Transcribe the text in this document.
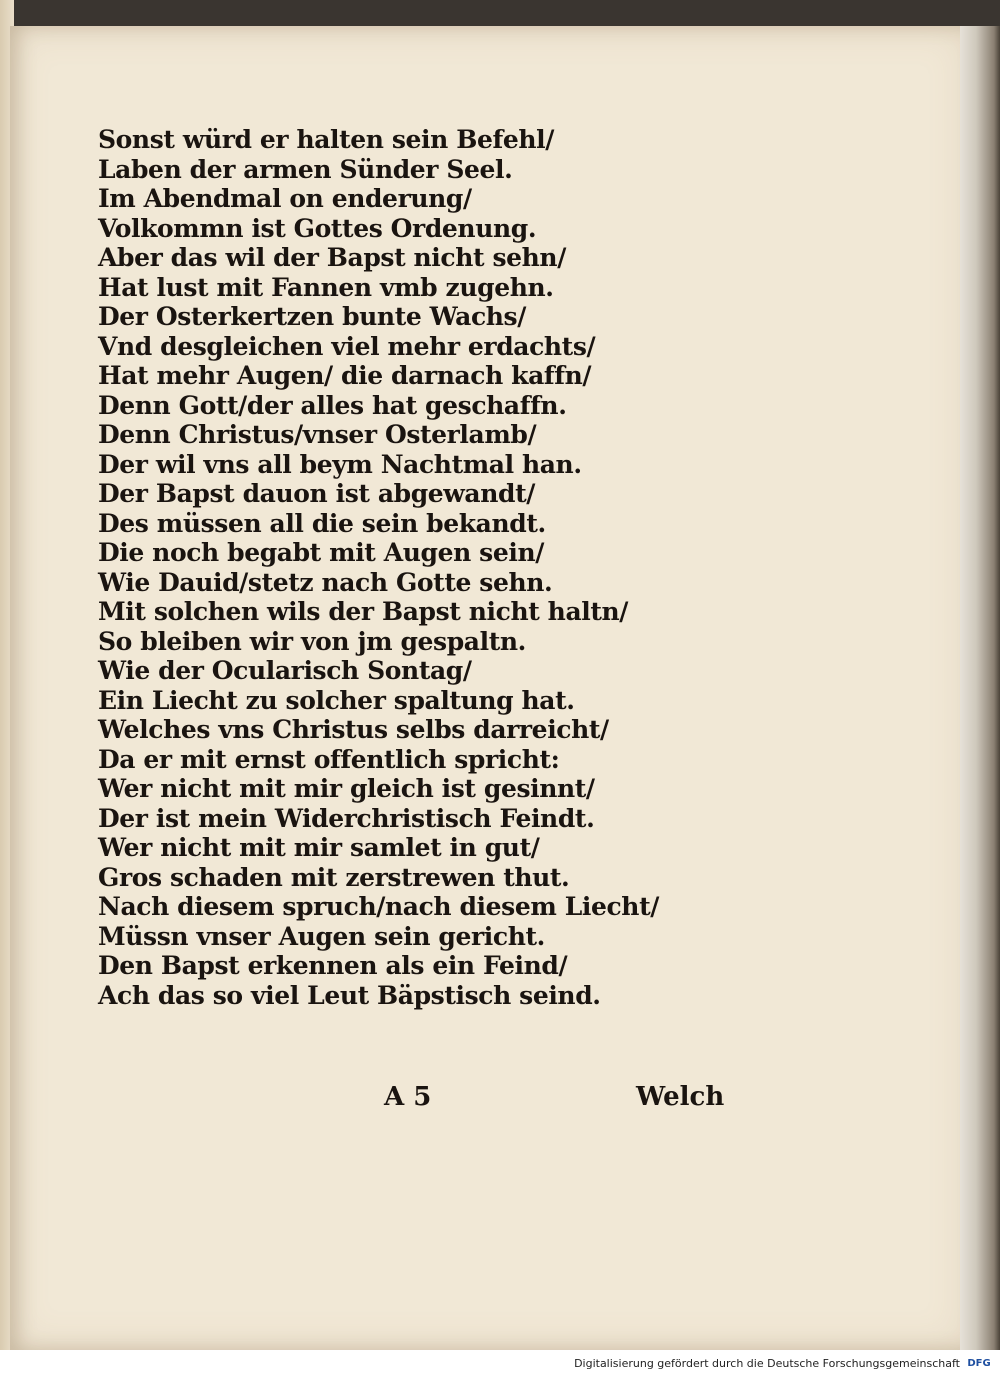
Sonst würd er halten sein Befehl/
Laben der armen Sünder Seel.
Im Abendmal on enderung/
Volkommn ist Gottes Ordenung.
Aber das wil der Bapst nicht sehn/
Hat lust mit Fannen vmb zugehn.
Der Osterkertzen bunte Wachs/
Vnd desgleichen viel mehr erdachts/
Hat mehr Augen/ die darnach kaffn/
Denn Gott/der alles hat geschaffn.
Denn Christus/vnser Osterlamb/
Der wil vns all beym Nachtmal han.
Der Bapst dauon ist abgewandt/
Des müssen all die sein bekandt.
Die noch begabt mit Augen sein/
Wie Dauid/stetz nach Gotte sehn.
Mit solchen wils der Bapst nicht haltn/
So bleiben wir von jm gespaltn.
Wie der Ocularisch Sontag/
Ein Liecht zu solcher spaltung hat.
Welches vns Christus selbs darreicht/
Da er mit ernst offentlich spricht:
Wer nicht mit mir gleich ist gesinnt/
Der ist mein Widerchristisch Feindt.
Wer nicht mit mir samlet in gut/
Gros schaden mit zerstrewen thut.
Nach diesem spruch/nach diesem Liecht/
Müssn vnser Augen sein gericht.
Den Bapst erkennen als ein Feind/
Ach das so viel Leut Bäpstisch seind.
A 5	Welch
Digitalisierung gefördert durch die Deutsche Forschungsgemeinschaft DFG
